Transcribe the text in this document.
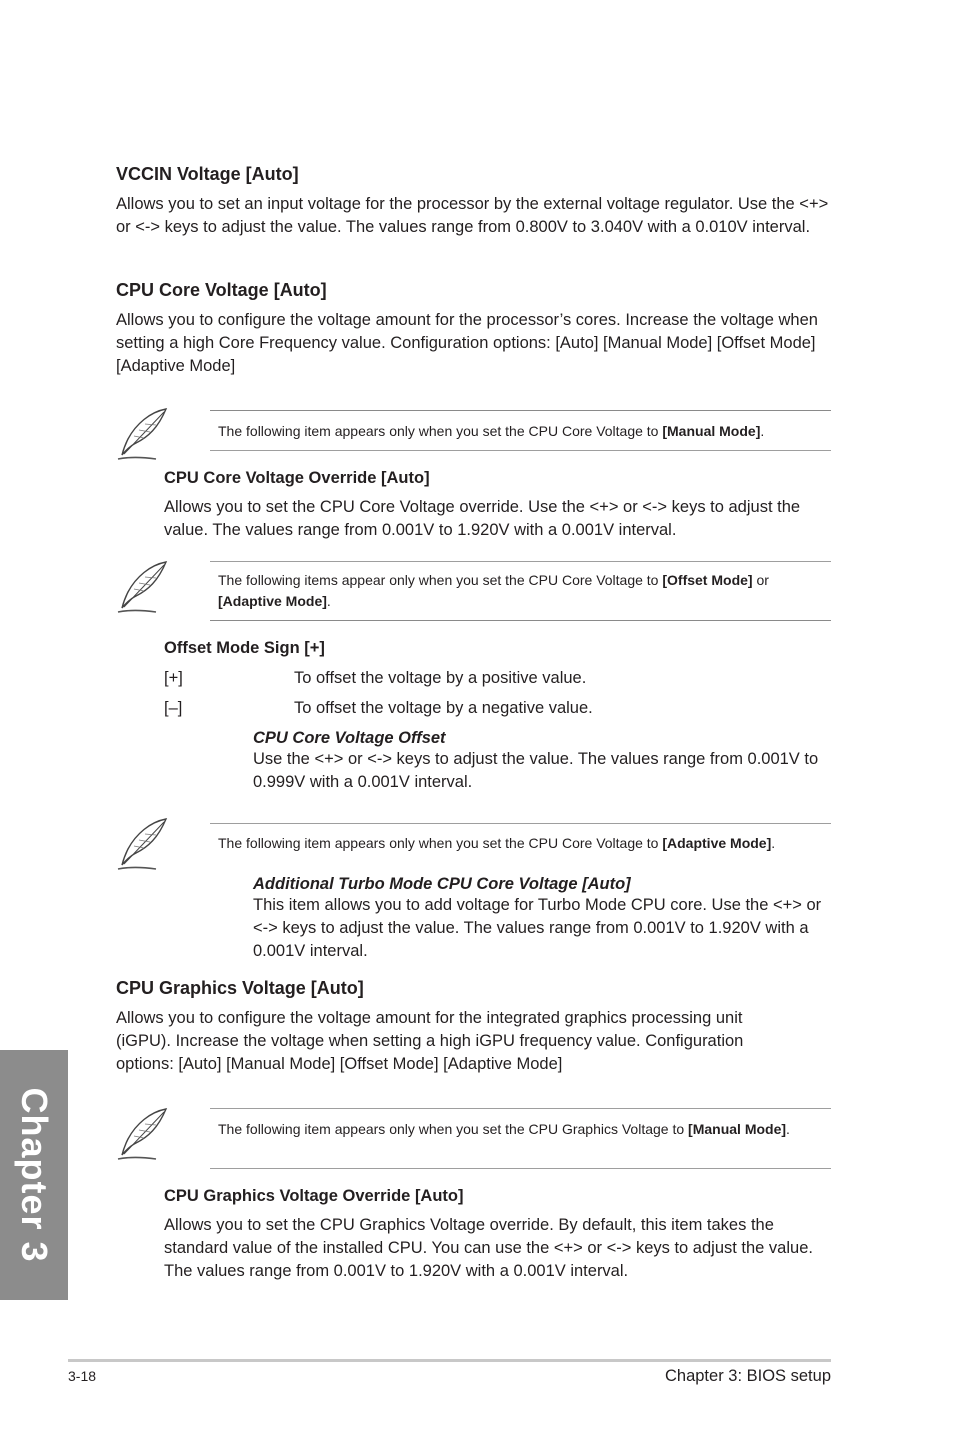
VCCIN Voltage [Auto]

Allows you to set an input voltage for the processor by the external voltage regulator. Use the <+> or <-> keys to adjust the value. The values range from 0.800V to 3.040V with a 0.010V interval.

CPU Core Voltage [Auto]

Allows you to configure the voltage amount for the processor’s cores. Increase the voltage when setting a high Core Frequency value. Configuration options: [Auto] [Manual Mode] [Offset Mode] [Adaptive Mode]

The following item appears only when you set the CPU Core Voltage to [Manual Mode].
CPU Core Voltage Override [Auto]

Allows you to set the CPU Core Voltage override. Use the <+> or <-> keys to adjust the value. The values range from 0.001V to 1.920V with a 0.001V interval.

The following items appear only when you set the CPU Core Voltage to [Offset Mode] or [Adaptive Mode].
Offset Mode Sign [+]
[+]	To offset the voltage by a positive value.
[–]	To offset the voltage by a negative value.
CPU Core Voltage Offset

Use the <+> or <-> keys to adjust the value. The values range from 0.001V to 0.999V with a 0.001V interval.

The following item appears only when you set the CPU Core Voltage to [Adaptive Mode].
Additional Turbo Mode CPU Core Voltage [Auto]

This item allows you to add voltage for Turbo Mode CPU core. Use the <+> or <-> keys to adjust the value. The values range from 0.001V to 1.920V with a 0.001V interval.

CPU Graphics Voltage [Auto]

Allows you to configure the voltage amount for the integrated graphics processing unit (iGPU). Increase the voltage when setting a high iGPU frequency value. Configuration options: [Auto] [Manual Mode] [Offset Mode] [Adaptive Mode]

The following item appears only when you set the CPU Graphics Voltage to [Manual Mode].
CPU Graphics Voltage Override [Auto]

Allows you to set the CPU Graphics Voltage override. By default, this item takes the standard value of the installed CPU. You can use the <+> or <-> keys to adjust the value. The values range from 0.001V to 1.920V with a 0.001V interval.

Chapter 3
3-18	Chapter 3: BIOS setup
